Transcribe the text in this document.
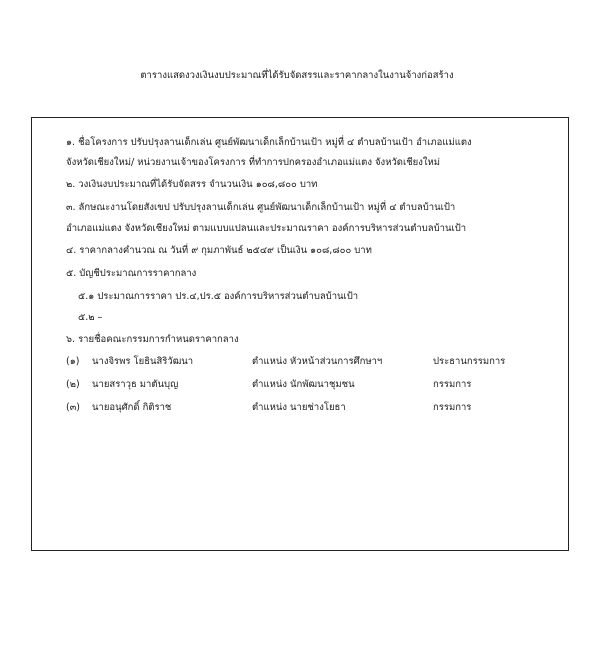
ตารางแสดงวงเงินงบประมาณที่ได้รับจัดสรรและราคากลางในงานจ้างก่อสร้าง
๑. ชื่อโครงการ ปรับปรุงลานเด็กเล่น ศูนย์พัฒนาเด็กเล็กบ้านเป้า หมู่ที่ ๔ ตำบลบ้านเป้า อำเภอแม่แตง
จังหวัดเชียงใหม่/ หน่วยงานเจ้าของโครงการ ที่ทำการปกครองอำเภอแม่แตง จังหวัดเชียงใหม่
๒. วงเงินงบประมาณที่ได้รับจัดสรร จำนวนเงิน ๑๐๘,๘๐๐ บาท
๓. ลักษณะงานโดยสังเขป ปรับปรุงลานเด็กเล่น ศูนย์พัฒนาเด็กเล็กบ้านเป้า หมู่ที่ ๔ ตำบลบ้านเป้า
อำเภอแม่แตง จังหวัดเชียงใหม่ ตามแบบแปลนและประมาณราคา องค์การบริหารส่วนตำบลบ้านเป้า
๔. ราคากลางคำนวณ ณ วันที่ ๙ กุมภาพันธ์ ๒๕๔๙ เป็นเงิน ๑๐๘,๘๐๐ บาท
๕. บัญชีประมาณการราคากลาง
๕.๑ ประมาณการราคา ปร.๔,ปร.๕ องค์การบริหารส่วนตำบลบ้านเป้า
๕.๒ –
๖. รายชื่อคณะกรรมการกำหนดราคากลาง
(๑) นางจิรพร โยธินสิริวัฒนา	ตำแหน่ง หัวหน้าส่วนการศึกษาฯ	ประธานกรรมการ
(๒) นายสราวุธ มาตันบุญ	ตำแหน่ง นักพัฒนาชุมชน	กรรมการ
(๓) นายอนุศักดิ์ กิติราช	ตำแหน่ง นายช่างโยธา	กรรมการ
